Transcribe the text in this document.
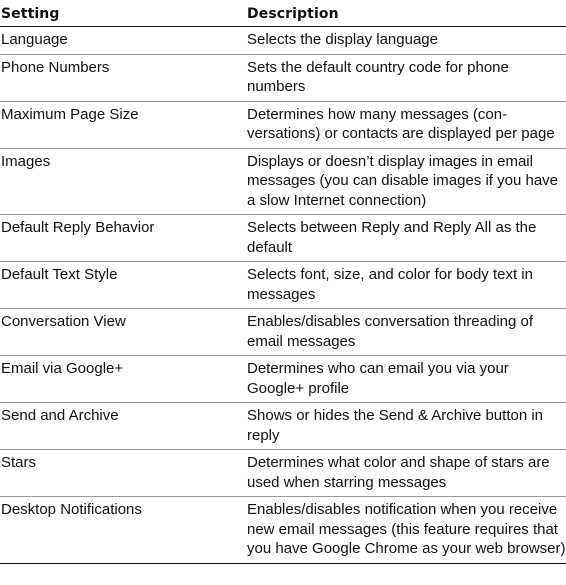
Setting	Description
Language	Selects the display language
Phone Numbers	Sets the default country code for phone numbers
Maximum Page Size	Determines how many messages (con-versations) or contacts are displayed per page
Images	Displays or doesn’t display images in email messages (you can disable images if you have a slow Internet connection)
Default Reply Behavior	Selects between Reply and Reply All as the default
Default Text Style	Selects font, size, and color for body text in messages
Conversation View	Enables/disables conversation threading of email messages
Email via Google+	Determines who can email you via your Google+ profile
Send and Archive	Shows or hides the Send & Archive button in reply
Stars	Determines what color and shape of stars are used when starring messages
Desktop Notifications	Enables/disables notification when you receive new email messages (this feature requires that you have Google Chrome as your web browser)
